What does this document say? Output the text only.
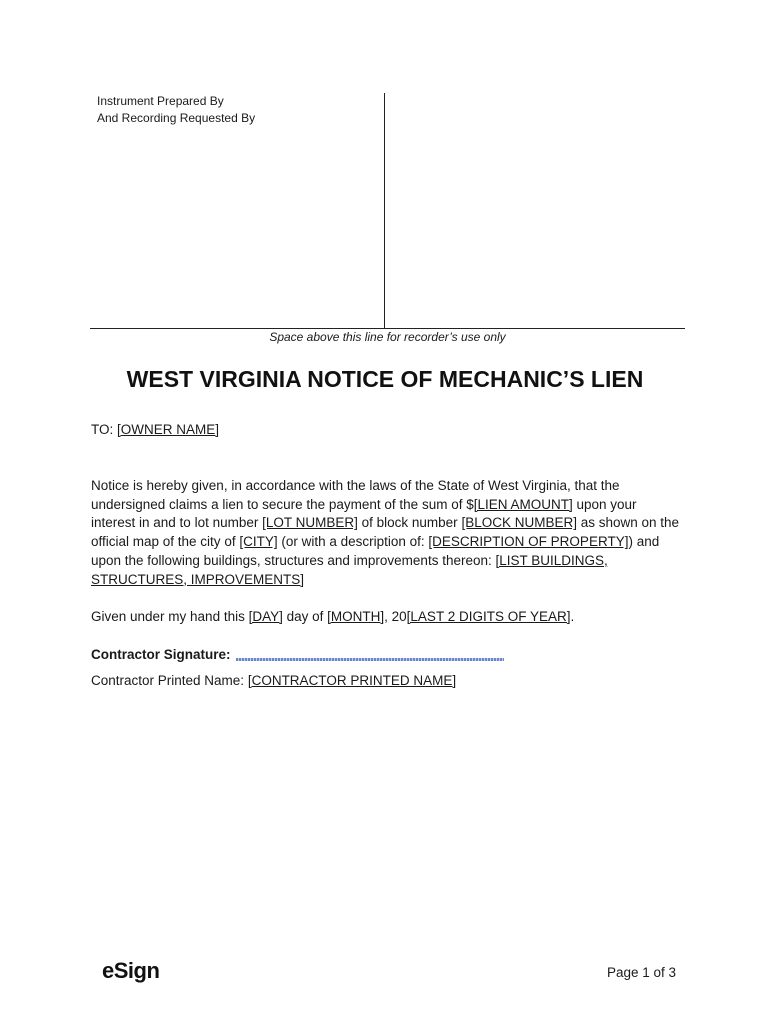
Instrument Prepared By
And Recording Requested By
Space above this line for recorder’s use only
WEST VIRGINIA NOTICE OF MECHANIC’S LIEN
TO: [OWNER NAME]
Notice is hereby given, in accordance with the laws of the State of West Virginia, that the undersigned claims a lien to secure the payment of the sum of $[LIEN AMOUNT] upon your interest in and to lot number [LOT NUMBER] of block number [BLOCK NUMBER] as shown on the official map of the city of [CITY] (or with a description of: [DESCRIPTION OF PROPERTY]) and upon the following buildings, structures and improvements thereon: [LIST BUILDINGS, STRUCTURES, IMPROVEMENTS]
Given under my hand this [DAY] day of [MONTH], 20[LAST 2 DIGITS OF YEAR].
Contractor Signature:
Contractor Printed Name: [CONTRACTOR PRINTED NAME]
eSign	Page 1 of 3
